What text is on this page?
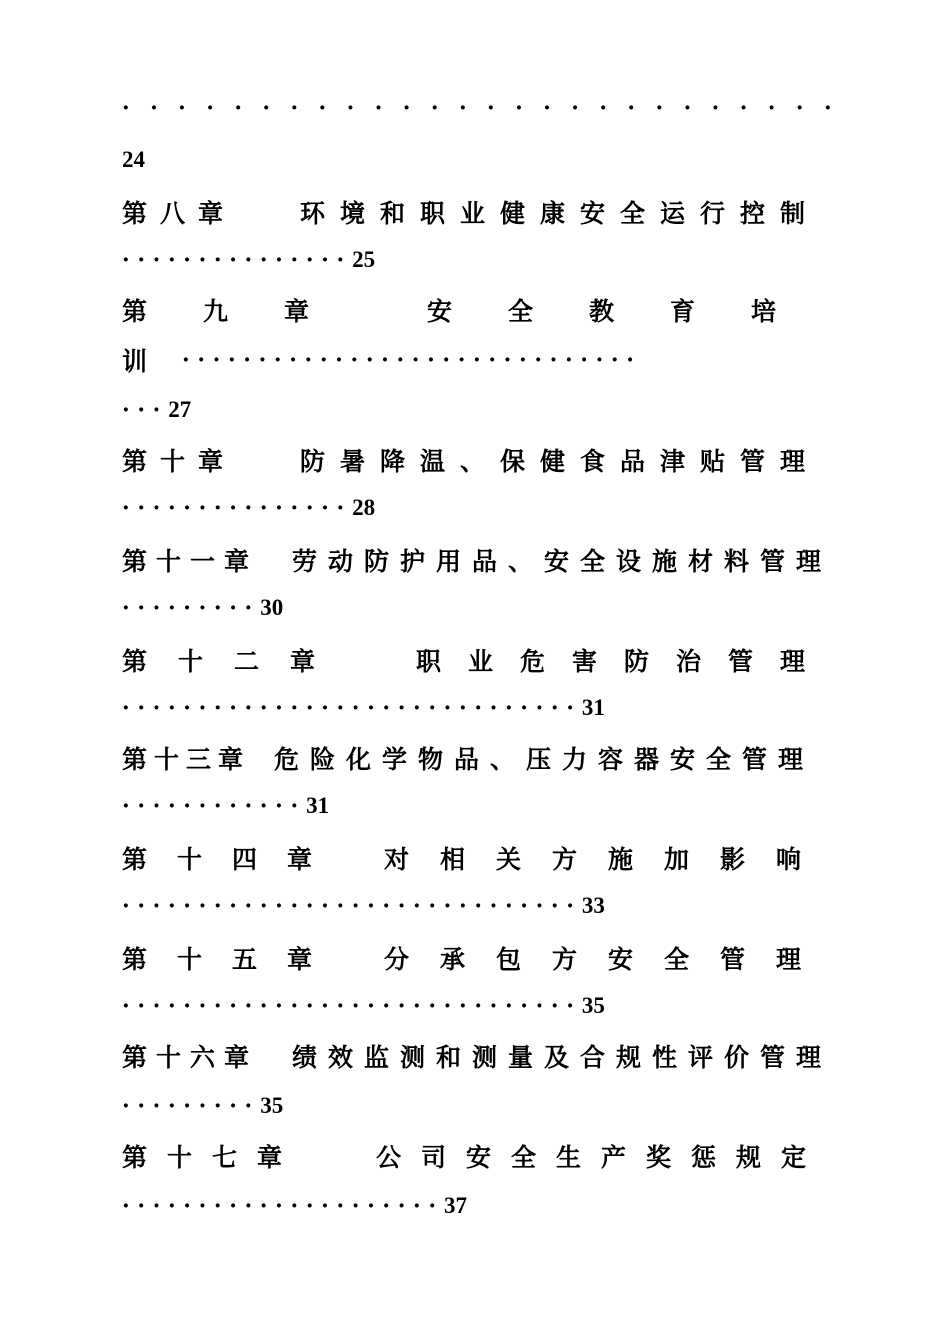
· · · · · · · · · · · · · · · · · · · · · · · · · ·
24
第八章	环境和职业健康安全运行控制
· · · · · · · · · · · · · · · 25
第九章	安全教育培
训	· · · · · · · · · · · · · · · · · · · · · · · · · · · · · ·
· · · 27
第十章	防暑降温、保健食品津贴管理
· · · · · · · · · · · · · · · 28
第十一章	劳动防护用品、安全设施材料管理
· · · · · · · · · 30
第十二章	职业危害防治管理
· · · · · · · · · · · · · · · · · · · · · · · · · · · · · · 31
第十三章 危险化学物品、压力容器安全管理
· · · · · · · · · · · · 31
第十四章	对相关方施加影响
· · · · · · · · · · · · · · · · · · · · · · · · · · · · · · 33
第十五章	分承包方安全管理
· · · · · · · · · · · · · · · · · · · · · · · · · · · · · · 35
第十六章	绩效监测和测量及合规性评价管理
· · · · · · · · · 35
第十七章	公司安全生产奖惩规定
· · · · · · · · · · · · · · · · · · · · · 37
